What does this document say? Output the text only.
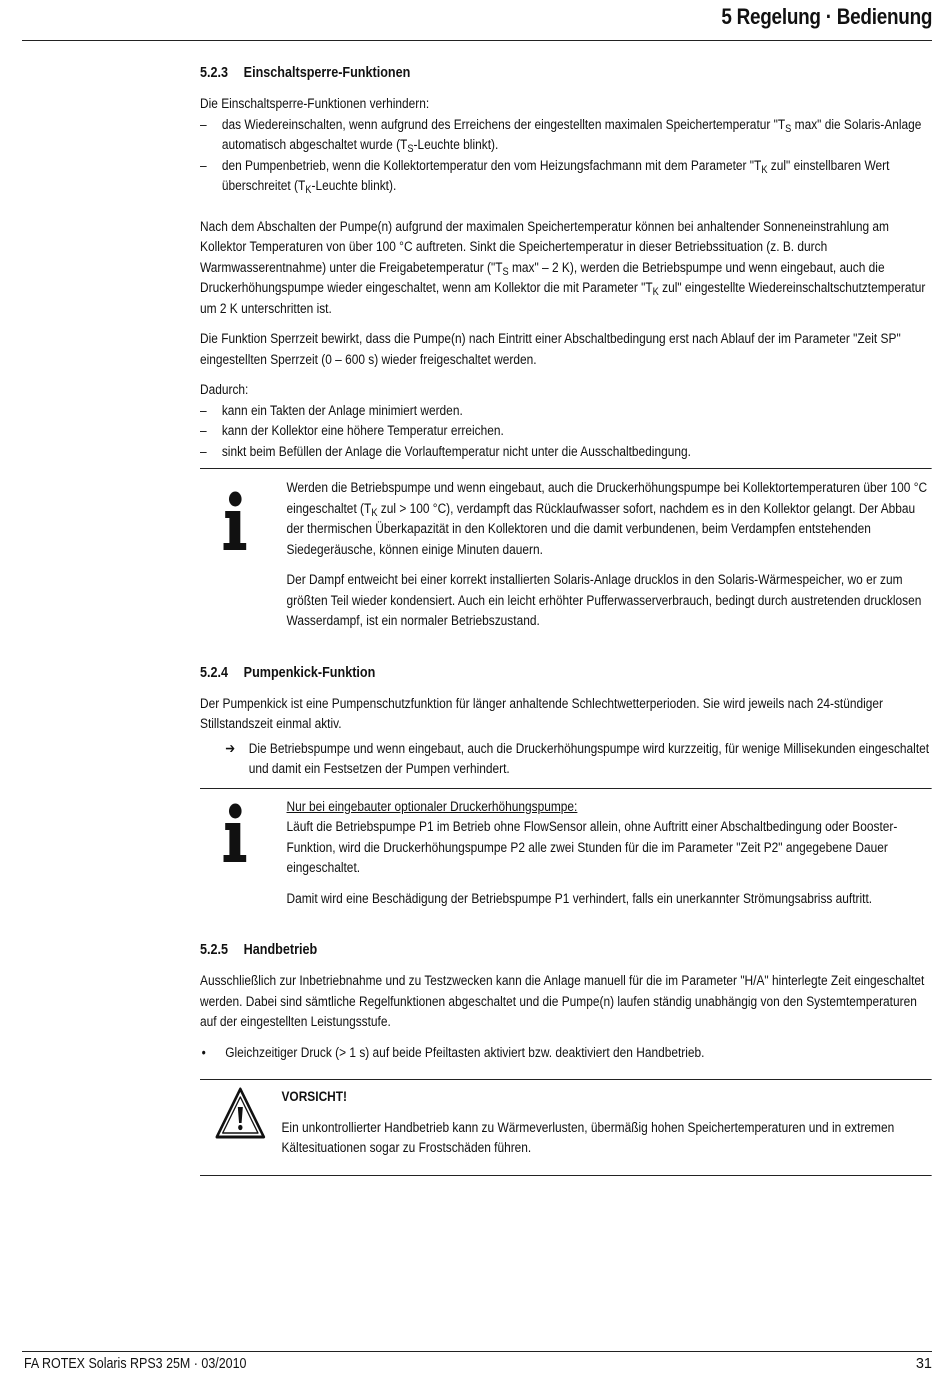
5 Regelung · Bedienung
5.2.3 Einschaltsperre-Funktionen

Die Einschaltsperre-Funktionen verhindern:

– das Wiedereinschalten, wenn aufgrund des Erreichens der eingestellten maximalen Speichertemperatur "$T_S$ max" die Solaris-Anlage automatisch abgeschaltet wurde ($T_S$-Leuchte blinkt).
– den Pumpenbetrieb, wenn die Kollektortemperatur den vom Heizungsfachmann mit dem Parameter "$T_K$ zul" einstellbaren Wert überschreitet ($T_K$-Leuchte blinkt).

Nach dem Abschalten der Pumpe(n) aufgrund der maximalen Speichertemperatur können bei anhaltender Sonneneinstrahlung am Kollektor Temperaturen von über 100 °C auftreten. Sinkt die Speichertemperatur in dieser Betriebssituation (z. B. durch Warmwasserentnahme) unter die Freigabetemperatur ("$T_S$ max" – 2 K), werden die Betriebspumpe und wenn eingebaut, auch die Druckerhöhungspumpe wieder eingeschaltet, wenn am Kollektor die mit Parameter "$T_K$ zul" eingestellte Wiedereinschaltschutztemperatur um 2 K unterschritten ist.

Die Funktion Sperrzeit bewirkt, dass die Pumpe(n) nach Eintritt einer Abschaltbedingung erst nach Ablauf der im Parameter "Zeit SP" eingestellten Sperrzeit (0 – 600 s) wieder freigeschaltet werden.

Dadurch:

– kann ein Takten der Anlage minimiert werden.
– kann der Kollektor eine höhere Temperatur erreichen.
– sinkt beim Befüllen der Anlage die Vorlauftemperatur nicht unter die Ausschaltbedingung.

Werden die Betriebspumpe und wenn eingebaut, auch die Druckerhöhungspumpe bei Kollektortemperaturen über 100 °C eingeschaltet ($T_K$ zul > 100 °C), verdampft das Rücklaufwasser sofort, nachdem es in den Kollektor gelangt. Der Abbau der thermischen Überkapazität in den Kollektoren und die damit verbundenen, beim Verdampfen entstehenden Siedegeräusche, können einige Minuten dauern.

Der Dampf entweicht bei einer korrekt installierten Solaris-Anlage drucklos in den Solaris-Wärmespeicher, wo er zum größten Teil wieder kondensiert. Auch ein leicht erhöhter Pufferwasserverbrauch, bedingt durch austretenden drucklosen Wasserdampf, ist ein normaler Betriebszustand.

5.2.4 Pumpenkick-Funktion

Der Pumpenkick ist eine Pumpenschutzfunktion für länger anhaltende Schlechtwetterperioden. Sie wird jeweils nach 24-stündiger Stillstandszeit einmal aktiv.

➔ Die Betriebspumpe und wenn eingebaut, auch die Druckerhöhungspumpe wird kurzzeitig, für wenige Millisekunden eingeschaltet und damit ein Festsetzen der Pumpen verhindert.

Nur bei eingebauter optionaler Druckerhöhungspumpe:

Läuft die Betriebspumpe P1 im Betrieb ohne FlowSensor allein, ohne Auftritt einer Abschaltbedingung oder Booster-Funktion, wird die Druckerhöhungspumpe P2 alle zwei Stunden für die im Parameter "Zeit P2" angegebene Dauer eingeschaltet.

Damit wird eine Beschädigung der Betriebspumpe P1 verhindert, falls ein unerkannter Strömungsabriss auftritt.

5.2.5 Handbetrieb

Ausschließlich zur Inbetriebnahme und zu Testzwecken kann die Anlage manuell für die im Parameter "H/A" hinterlegte Zeit eingeschaltet werden. Dabei sind sämtliche Regelfunktionen abgeschaltet und die Pumpe(n) laufen ständig unabhängig von den Systemtemperaturen auf der eingestellten Leistungsstufe.

• Gleichzeitiger Druck (> 1 s) auf beide Pfeiltasten aktiviert bzw. deaktiviert den Handbetrieb.

VORSICHT!

Ein unkontrollierter Handbetrieb kann zu Wärmeverlusten, übermäßig hohen Speichertemperaturen und in extremen Kältesituationen sogar zu Frostschäden führen.

FA ROTEX Solaris RPS3 25M · 03/2010	31
